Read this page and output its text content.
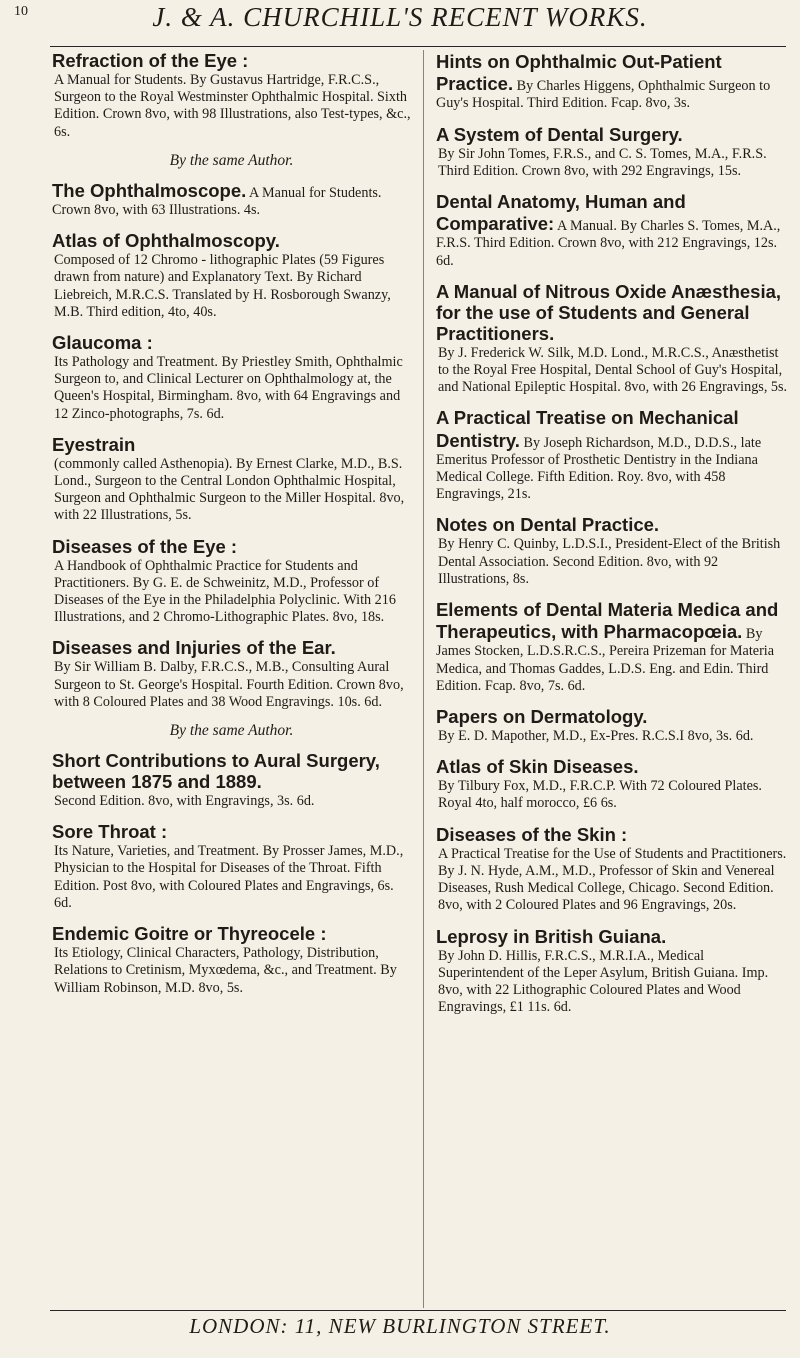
10	J. & A. CHURCHILL'S RECENT WORKS.
Refraction of the Eye :
A Manual for Students. By Gustavus Hartridge, F.R.C.S., Surgeon to the Royal Westminster Ophthalmic Hospital. Sixth Edition. Crown 8vo, with 98 Illustrations, also Test-types, &c., 6s.
By the same Author.
The Ophthalmoscope. A Manual for Students. Crown 8vo, with 63 Illustrations. 4s.
Atlas of Ophthalmoscopy.
Composed of 12 Chromo - lithographic Plates (59 Figures drawn from nature) and Explanatory Text. By Richard Liebreich, M.R.C.S. Translated by H. Rosborough Swanzy, M.B. Third edition, 4to, 40s.
Glaucoma :
Its Pathology and Treatment. By Priestley Smith, Ophthalmic Surgeon to, and Clinical Lecturer on Ophthalmology at, the Queen's Hospital, Birmingham. 8vo, with 64 Engravings and 12 Zinco-photographs, 7s. 6d.
Eyestrain
(commonly called Asthenopia). By Ernest Clarke, M.D., B.S. Lond., Surgeon to the Central London Ophthalmic Hospital, Surgeon and Ophthalmic Surgeon to the Miller Hospital. 8vo, with 22 Illustrations, 5s.
Diseases of the Eye :
A Handbook of Ophthalmic Practice for Students and Practitioners. By G. E. de Schweinitz, M.D., Professor of Diseases of the Eye in the Philadelphia Polyclinic. With 216 Illustrations, and 2 Chromo-Lithographic Plates. 8vo, 18s.
Diseases and Injuries of the Ear.
By Sir William B. Dalby, F.R.C.S., M.B., Consulting Aural Surgeon to St. George's Hospital. Fourth Edition. Crown 8vo, with 8 Coloured Plates and 38 Wood Engravings. 10s. 6d.
By the same Author.
Short Contributions to Aural Surgery, between 1875 and 1889.
Second Edition. 8vo, with Engravings, 3s. 6d.
Sore Throat :
Its Nature, Varieties, and Treatment. By Prosser James, M.D., Physician to the Hospital for Diseases of the Throat. Fifth Edition. Post 8vo, with Coloured Plates and Engravings, 6s. 6d.
Endemic Goitre or Thyreocele :
Its Etiology, Clinical Characters, Pathology, Distribution, Relations to Cretinism, Myxœdema, &c., and Treatment. By William Robinson, M.D. 8vo, 5s.
Hints on Ophthalmic Out-Patient Practice. By Charles Higgens, Ophthalmic Surgeon to Guy's Hospital. Third Edition. Fcap. 8vo, 3s.
A System of Dental Surgery.
By Sir John Tomes, F.R.S., and C. S. Tomes, M.A., F.R.S. Third Edition. Crown 8vo, with 292 Engravings, 15s.
Dental Anatomy, Human and Comparative: A Manual. By Charles S. Tomes, M.A., F.R.S. Third Edition. Crown 8vo, with 212 Engravings, 12s. 6d.
A Manual of Nitrous Oxide Anæsthesia, for the use of Students and General Practitioners.
By J. Frederick W. Silk, M.D. Lond., M.R.C.S., Anæsthetist to the Royal Free Hospital, Dental School of Guy's Hospital, and National Epileptic Hospital. 8vo, with 26 Engravings, 5s.
A Practical Treatise on Mechanical Dentistry. By Joseph Richardson, M.D., D.D.S., late Emeritus Professor of Prosthetic Dentistry in the Indiana Medical College. Fifth Edition. Roy. 8vo, with 458 Engravings, 21s.
Notes on Dental Practice.
By Henry C. Quinby, L.D.S.I., President-Elect of the British Dental Association. Second Edition. 8vo, with 92 Illustrations, 8s.
Elements of Dental Materia Medica and Therapeutics, with Pharmacopœia. By James Stocken, L.D.S.R.C.S., Pereira Prizeman for Materia Medica, and Thomas Gaddes, L.D.S. Eng. and Edin. Third Edition. Fcap. 8vo, 7s. 6d.
Papers on Dermatology.
By E. D. Mapother, M.D., Ex-Pres. R.C.S.I 8vo, 3s. 6d.
Atlas of Skin Diseases.
By Tilbury Fox, M.D., F.R.C.P. With 72 Coloured Plates. Royal 4to, half morocco, £6 6s.
Diseases of the Skin :
A Practical Treatise for the Use of Students and Practitioners. By J. N. Hyde, A.M., M.D., Professor of Skin and Venereal Diseases, Rush Medical College, Chicago. Second Edition. 8vo, with 2 Coloured Plates and 96 Engravings, 20s.
Leprosy in British Guiana.
By John D. Hillis, F.R.C.S., M.R.I.A., Medical Superintendent of the Leper Asylum, British Guiana. Imp. 8vo, with 22 Lithographic Coloured Plates and Wood Engravings, £1 11s. 6d.
LONDON: 11, NEW BURLINGTON STREET.
